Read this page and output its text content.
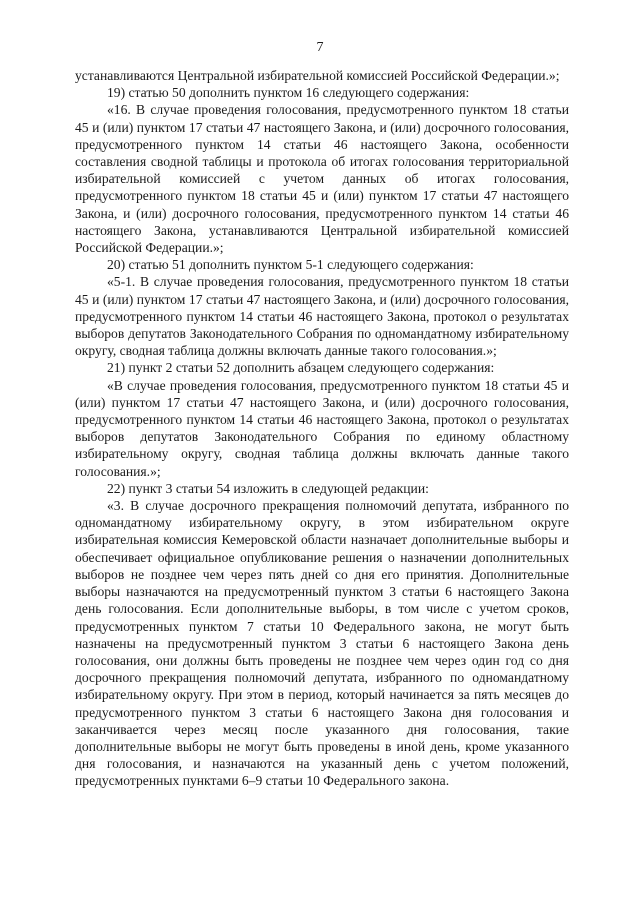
7

устанавливаются Центральной избирательной комиссией Российской Федерации.»;

19) статью 50 дополнить пунктом 16 следующего содержания:

«16. В случае проведения голосования, предусмотренного пунктом 18 статьи 45 и (или) пунктом 17 статьи 47 настоящего Закона, и (или) досрочного голосования, предусмотренного пунктом 14 статьи 46 настоящего Закона, особенности составления сводной таблицы и протокола об итогах голосования территориальной избирательной комиссией с учетом данных об итогах голосования, предусмотренного пунктом 18 статьи 45 и (или) пунктом 17 статьи 47 настоящего Закона, и (или) досрочного голосования, предусмотренного пунктом 14 статьи 46 настоящего Закона, устанавливаются Центральной избирательной комиссией Российской Федерации.»;

20) статью 51 дополнить пунктом 5-1 следующего содержания:

«5-1. В случае проведения голосования, предусмотренного пунктом 18 статьи 45 и (или) пунктом 17 статьи 47 настоящего Закона, и (или) досрочного голосования, предусмотренного пунктом 14 статьи 46 настоящего Закона, протокол о результатах выборов депутатов Законодательного Собрания по одномандатному избирательному округу, сводная таблица должны включать данные такого голосования.»;

21) пункт 2 статьи 52 дополнить абзацем следующего содержания:

«В случае проведения голосования, предусмотренного пунктом 18 статьи 45 и (или) пунктом 17 статьи 47 настоящего Закона, и (или) досрочного голосования, предусмотренного пунктом 14 статьи 46 настоящего Закона, протокол о результатах выборов депутатов Законодательного Собрания по единому областному избирательному округу, сводная таблица должны включать данные такого голосования.»;

22) пункт 3 статьи 54 изложить в следующей редакции:

«3. В случае досрочного прекращения полномочий депутата, избранного по одномандатному избирательному округу, в этом избирательном округе избирательная комиссия Кемеровской области назначает дополнительные выборы и обеспечивает официальное опубликование решения о назначении дополнительных выборов не позднее чем через пять дней со дня его принятия. Дополнительные выборы назначаются на предусмотренный пунктом 3 статьи 6 настоящего Закона день голосования. Если дополнительные выборы, в том числе с учетом сроков, предусмотренных пунктом 7 статьи 10 Федерального закона, не могут быть назначены на предусмотренный пунктом 3 статьи 6 настоящего Закона день голосования, они должны быть проведены не позднее чем через один год со дня досрочного прекращения полномочий депутата, избранного по одномандатному избирательному округу. При этом в период, который начинается за пять месяцев до предусмотренного пунктом 3 статьи 6 настоящего Закона дня голосования и заканчивается через месяц после указанного дня голосования, такие дополнительные выборы не могут быть проведены в иной день, кроме указанного дня голосования, и назначаются на указанный день с учетом положений, предусмотренных пунктами 6–9 статьи 10 Федерального закона.
